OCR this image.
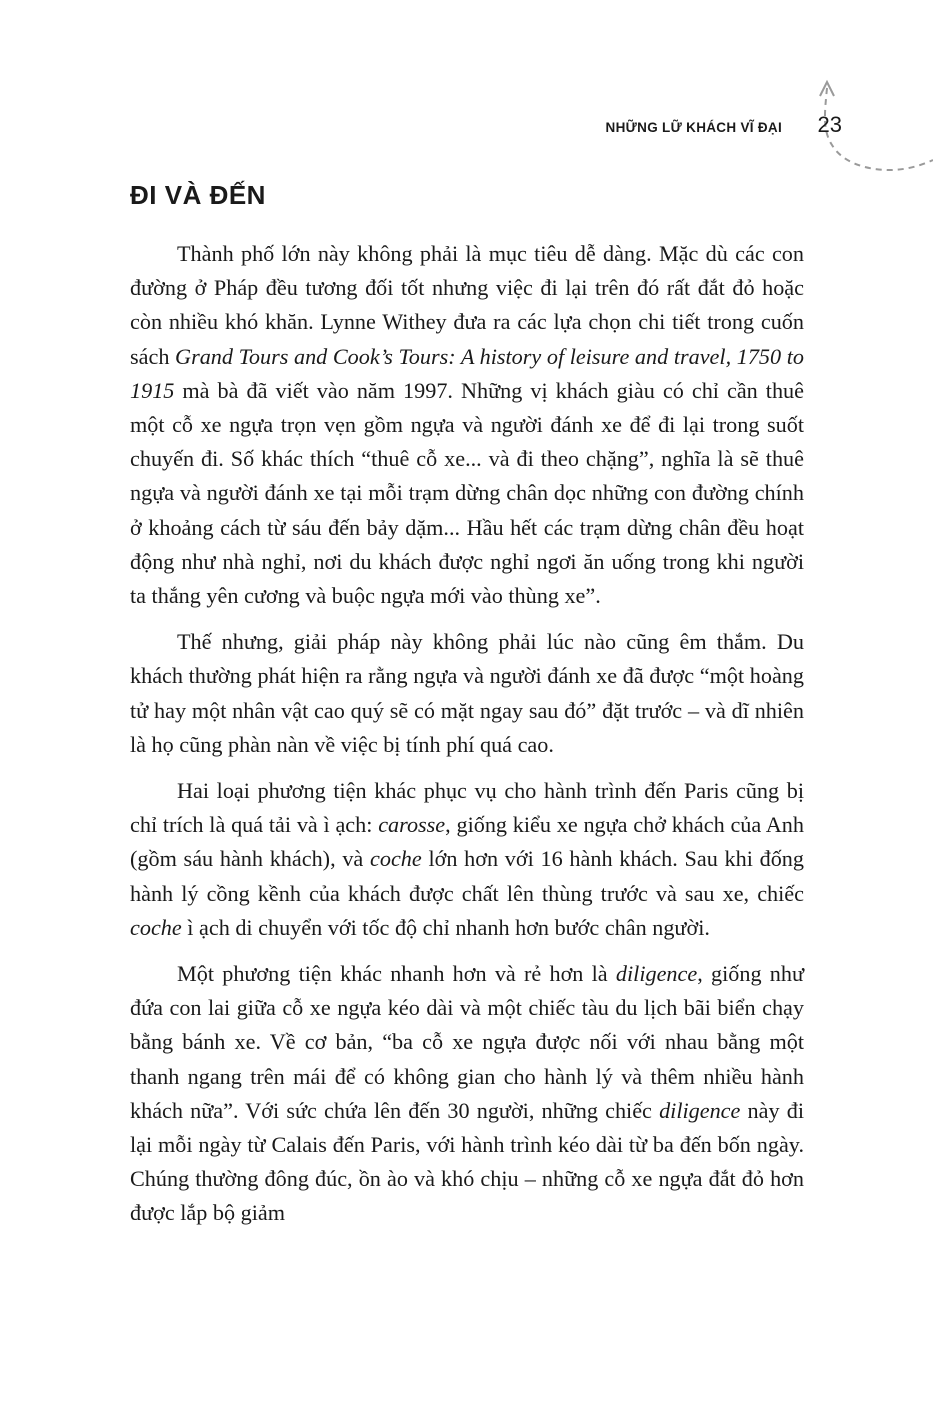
NHỮNG LỮ KHÁCH VĨ ĐẠI 23
ĐI VÀ ĐẾN

Thành phố lớn này không phải là mục tiêu dễ dàng. Mặc dù các con đường ở Pháp đều tương đối tốt nhưng việc đi lại trên đó rất đắt đỏ hoặc còn nhiều khó khăn. Lynne Withey đưa ra các lựa chọn chi tiết trong cuốn sách Grand Tours and Cook’s Tours: A history of leisure and travel, 1750 to 1915 mà bà đã viết vào năm 1997. Những vị khách giàu có chỉ cần thuê một cỗ xe ngựa trọn vẹn gồm ngựa và người đánh xe để đi lại trong suốt chuyến đi. Số khác thích “thuê cỗ xe... và đi theo chặng”, nghĩa là sẽ thuê ngựa và người đánh xe tại mỗi trạm dừng chân dọc những con đường chính ở khoảng cách từ sáu đến bảy dặm... Hầu hết các trạm dừng chân đều hoạt động như nhà nghỉ, nơi du khách được nghỉ ngơi ăn uống trong khi người ta thắng yên cương và buộc ngựa mới vào thùng xe”.

Thế nhưng, giải pháp này không phải lúc nào cũng êm thắm. Du khách thường phát hiện ra rằng ngựa và người đánh xe đã được “một hoàng tử hay một nhân vật cao quý sẽ có mặt ngay sau đó” đặt trước – và dĩ nhiên là họ cũng phàn nàn về việc bị tính phí quá cao.

Hai loại phương tiện khác phục vụ cho hành trình đến Paris cũng bị chỉ trích là quá tải và ì ạch: carosse, giống kiểu xe ngựa chở khách của Anh (gồm sáu hành khách), và coche lớn hơn với 16 hành khách. Sau khi đống hành lý cồng kềnh của khách được chất lên thùng trước và sau xe, chiếc coche ì ạch di chuyển với tốc độ chỉ nhanh hơn bước chân người.

Một phương tiện khác nhanh hơn và rẻ hơn là diligence, giống như đứa con lai giữa cỗ xe ngựa kéo dài và một chiếc tàu du lịch bãi biển chạy bằng bánh xe. Về cơ bản, “ba cỗ xe ngựa được nối với nhau bằng một thanh ngang trên mái để có không gian cho hành lý và thêm nhiều hành khách nữa”. Với sức chứa lên đến 30 người, những chiếc diligence này đi lại mỗi ngày từ Calais đến Paris, với hành trình kéo dài từ ba đến bốn ngày. Chúng thường đông đúc, ồn ào và khó chịu – những cỗ xe ngựa đắt đỏ hơn được lắp bộ giảm
